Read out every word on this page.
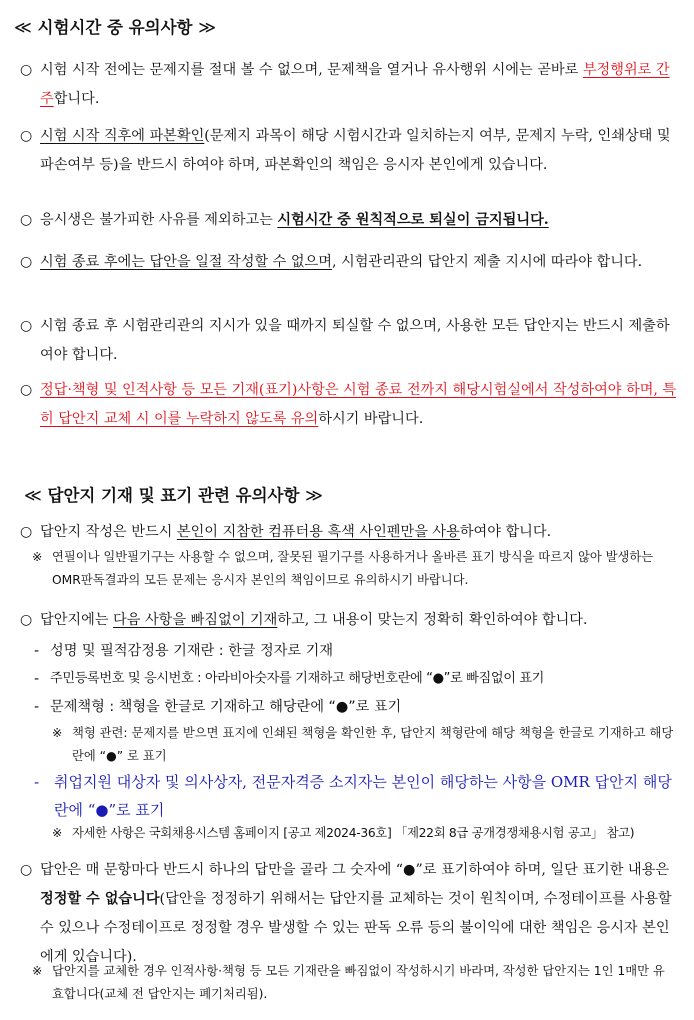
≪ 시험시간 중 유의사항 ≫
○ 시험 시작 전에는 문제지를 절대 볼 수 없으며, 문제책을 열거나 유사행위 시에는 곧바로 부정행위로 간주합니다.
○ 시험 시작 직후에 파본확인(문제지 과목이 해당 시험시간과 일치하는지 여부, 문제지 누락, 인쇄상태 및 파손여부 등)을 반드시 하여야 하며, 파본확인의 책임은 응시자 본인에게 있습니다.
○ 응시생은 불가피한 사유를 제외하고는 시험시간 중 원칙적으로 퇴실이 금지됩니다.
○ 시험 종료 후에는 답안을 일절 작성할 수 없으며, 시험관리관의 답안지 제출 지시에 따라야 합니다.
○ 시험 종료 후 시험관리관의 지시가 있을 때까지 퇴실할 수 없으며, 사용한 모든 답안지는 반드시 제출하여야 합니다.
○ 정답·책형 및 인적사항 등 모든 기재(표기)사항은 시험 종료 전까지 해당시험실에서 작성하여야 하며, 특히 답안지 교체 시 이를 누락하지 않도록 유의하시기 바랍니다.
≪ 답안지 기재 및 표기 관련 유의사항 ≫
○ 답안지 작성은 반드시 본인이 지참한 컴퓨터용 흑색 사인펜만을 사용하여야 합니다.
※ 연필이나 일반필기구는 사용할 수 없으며, 잘못된 필기구를 사용하거나 올바른 표기 방식을 따르지 않아 발생하는 OMR판독결과의 모든 문제는 응시자 본인의 책임이므로 유의하시기 바랍니다.
○ 답안지에는 다음 사항을 빠짐없이 기재하고, 그 내용이 맞는지 정확히 확인하여야 합니다.
- 성명 및 필적감정용 기재란 : 한글 정자로 기재
- 주민등록번호 및 응시번호 : 아라비아숫자를 기재하고 해당번호란에 “●”로 빠짐없이 표기
- 문제책형 : 책형을 한글로 기재하고 해당란에 “●”로 표기
※ 책형 관련: 문제지를 받으면 표지에 인쇄된 책형을 확인한 후, 답안지 책형란에 해당 책형을 한글로 기재하고 해당란에 “●” 로 표기
- 취업지원 대상자 및 의사상자, 전문자격증 소지자는 본인이 해당하는 사항을 OMR 답안지 해당란에 “●”로 표기
※ 자세한 사항은 국회채용시스템 홈페이지 [공고 제2024-36호] 「제22회 8급 공개경쟁채용시험 공고」 참고)
○ 답안은 매 문항마다 반드시 하나의 답만을 골라 그 숫자에 “●”로 표기하여야 하며, 일단 표기한 내용은 정정할 수 없습니다(답안을 정정하기 위해서는 답안지를 교체하는 것이 원칙이며, 수정테이프를 사용할 수 있으나 수정테이프로 정정할 경우 발생할 수 있는 판독 오류 등의 불이익에 대한 책임은 응시자 본인에게 있습니다).
※ 답안지를 교체한 경우 인적사항·책형 등 모든 기재란을 빠짐없이 작성하시기 바라며, 작성한 답안지는 1인 1매만 유효합니다(교체 전 답안지는 폐기처리됨).
